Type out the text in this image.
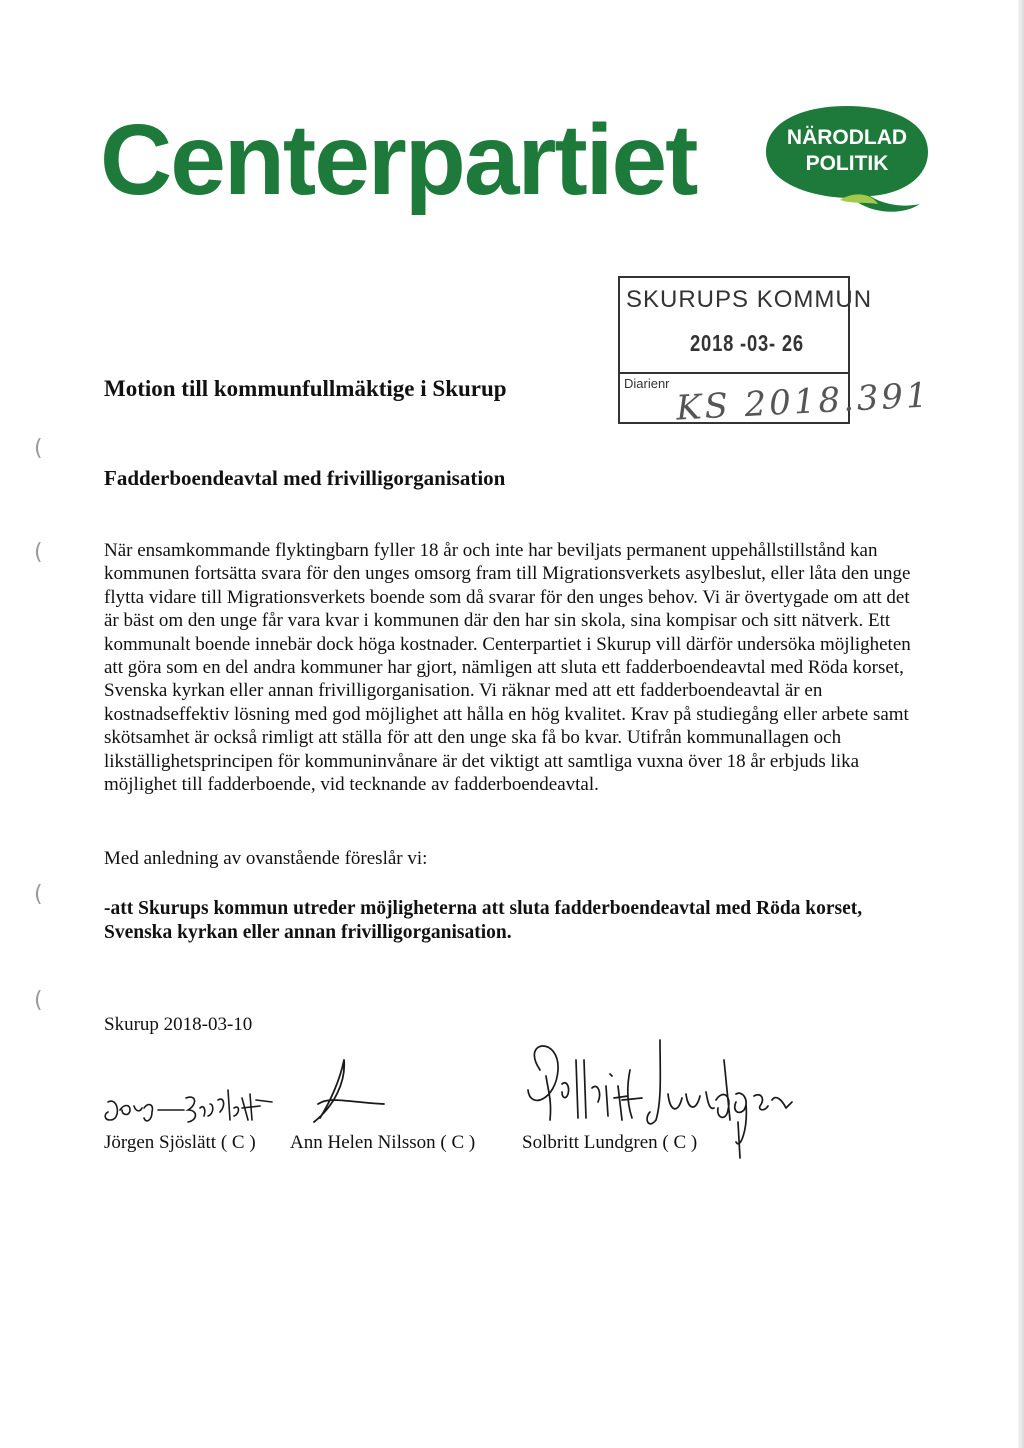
Centerpartiet	NÄRODLAD
POLITIK
SKURUPS KOMMUN
2018 -03- 26
Diarienr KS 2018.391
Motion till kommunfullmäktige i Skurup
Fadderboendeavtal med frivilligorganisation

När ensamkommande flyktingbarn fyller 18 år och inte har beviljats permanent uppehållstillstånd kan kommunen fortsätta svara för den unges omsorg fram till Migrationsverkets asylbeslut, eller låta den unge flytta vidare till Migrationsverkets boende som då svarar för den unges behov. Vi är övertygade om att det är bäst om den unge får vara kvar i kommunen där den har sin skola, sina kompisar och sitt nätverk. Ett kommunalt boende innebär dock höga kostnader. Centerpartiet i Skurup vill därför undersöka möjligheten att göra som en del andra kommuner har gjort, nämligen att sluta ett fadderboendeavtal med Röda korset, Svenska kyrkan eller annan frivilligorganisation. Vi räknar med att ett fadderboendeavtal är en kostnadseffektiv lösning med god möjlighet att hålla en hög kvalitet. Krav på studiegång eller arbete samt skötsamhet är också rimligt att ställa för att den unge ska få bo kvar. Utifrån kommunallagen och likställighetsprincipen för kommuninvånare är det viktigt att samtliga vuxna över 18 år erbjuds lika möjlighet till fadderboende, vid tecknande av fadderboendeavtal.

Med anledning av ovanstående föreslår vi:

-att Skurups kommun utreder möjligheterna att sluta fadderboendeavtal med Röda korset, Svenska kyrkan eller annan frivilligorganisation.

Skurup 2018-03-10
Jörgen Sjöslätt ( C ) Ann Helen Nilsson ( C ) Solbritt Lundgren ( C )
(
(
(
(
